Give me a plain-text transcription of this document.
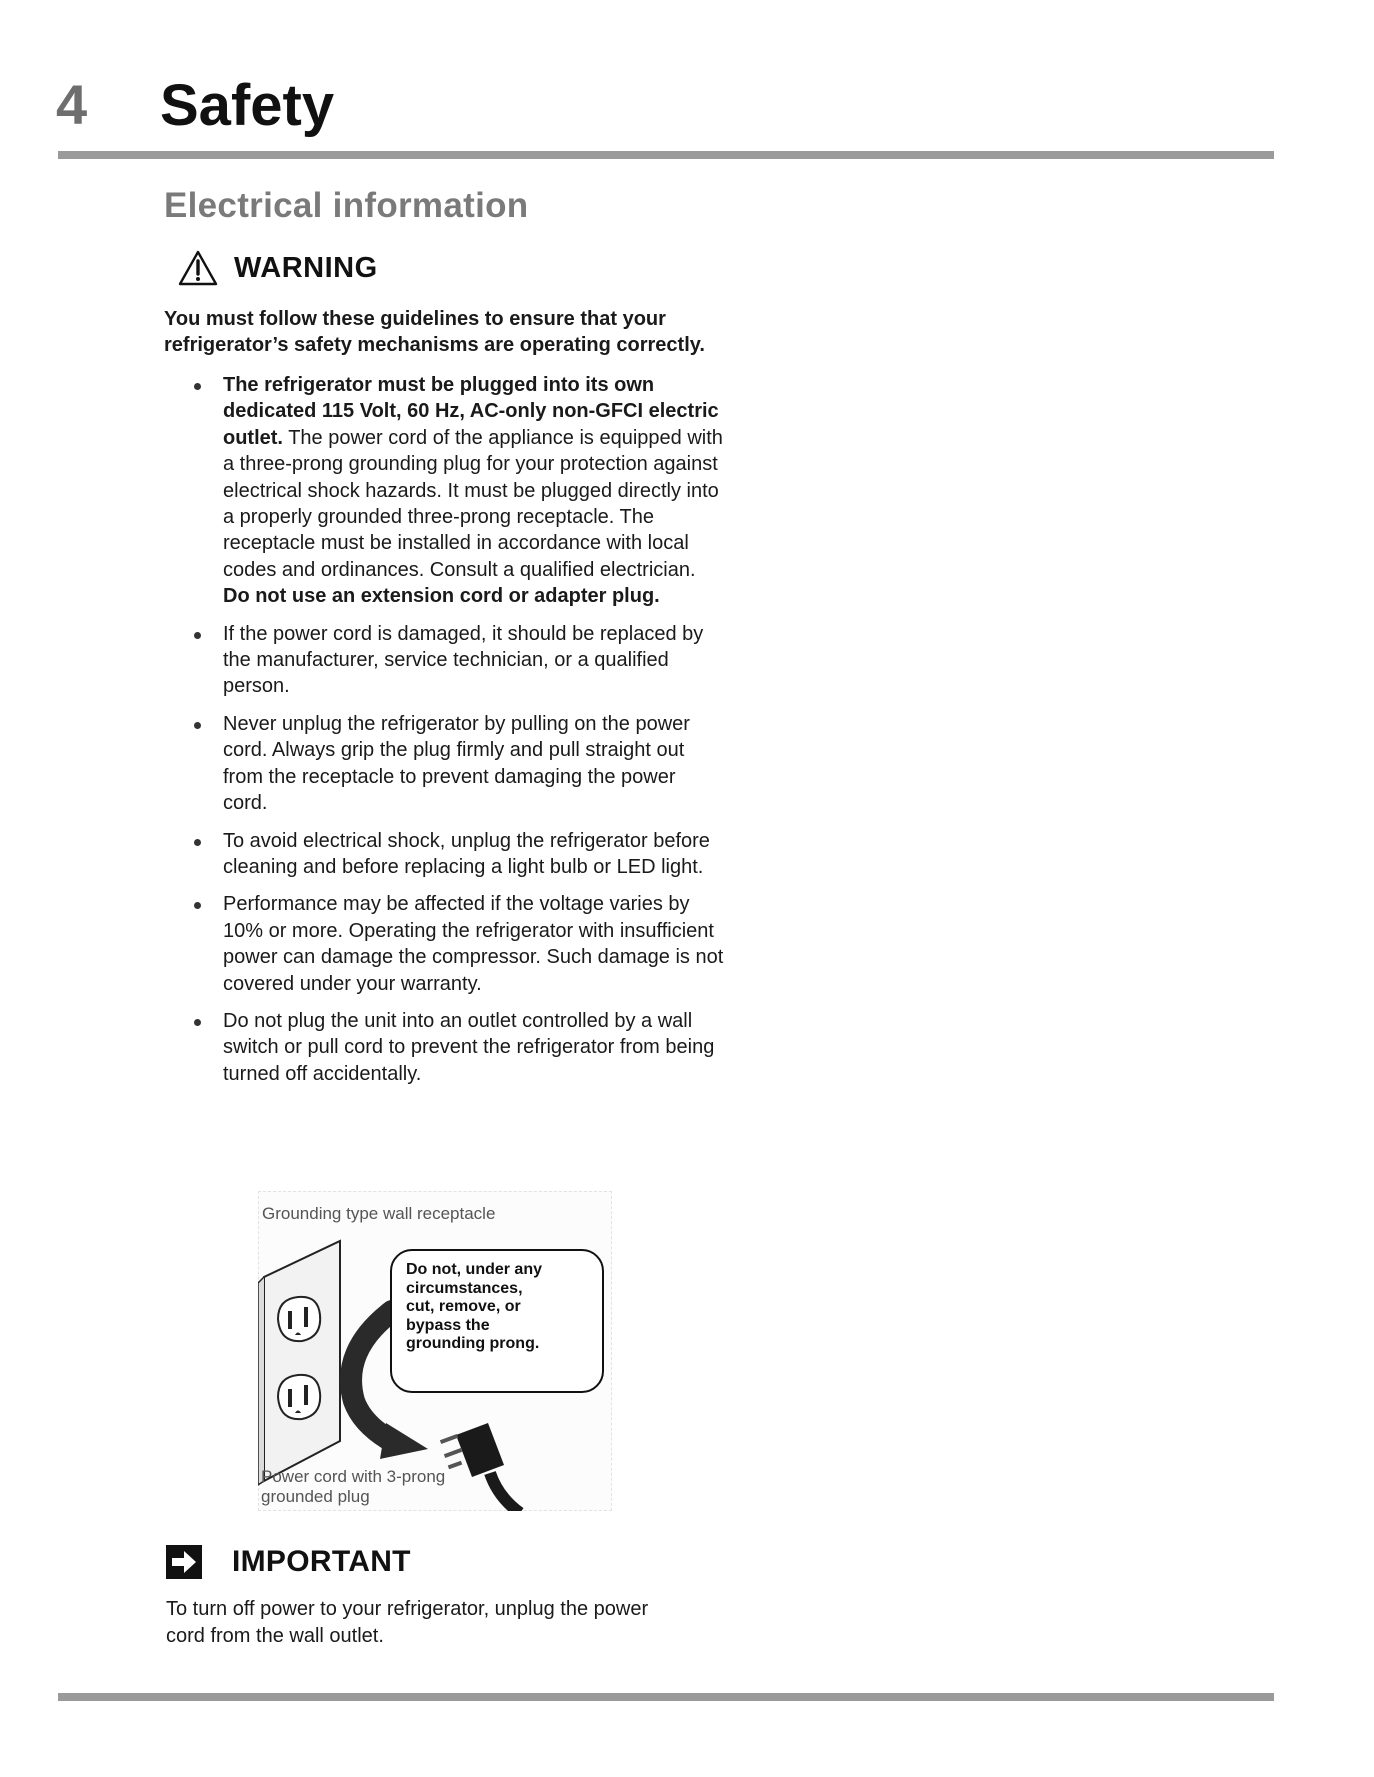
4 Safety
Electrical information
WARNING

You must follow these guidelines to ensure that your refrigerator’s safety mechanisms are operating correctly.

The refrigerator must be plugged into its own dedicated 115 Volt, 60 Hz, AC-only non-GFCI electric outlet. The power cord of the appliance is equipped with a three-prong grounding plug for your protection against electrical shock hazards. It must be plugged directly into a properly grounded three-prong receptacle. The receptacle must be installed in accordance with local codes and ordinances. Consult a qualified electrician. Do not use an extension cord or adapter plug.
If the power cord is damaged, it should be replaced by the manufacturer, service technician, or a qualified person.
Never unplug the refrigerator by pulling on the power cord. Always grip the plug firmly and pull straight out from the receptacle to prevent damaging the power cord.
To avoid electrical shock, unplug the refrigerator before cleaning and before replacing a light bulb or LED light.
Performance may be affected if the voltage varies by 10% or more. Operating the refrigerator with insufficient power can damage the compressor. Such damage is not covered under your warranty.
Do not plug the unit into an outlet controlled by a wall switch or pull cord to prevent the refrigerator from being turned off accidentally.
Grounding type wall receptacle
Do not, under any
circumstances,
cut, remove, or
bypass the
grounding prong.
Power cord with 3-prong
grounded plug
IMPORTANT
To turn off power to your refrigerator, unplug the power cord from the wall outlet.
